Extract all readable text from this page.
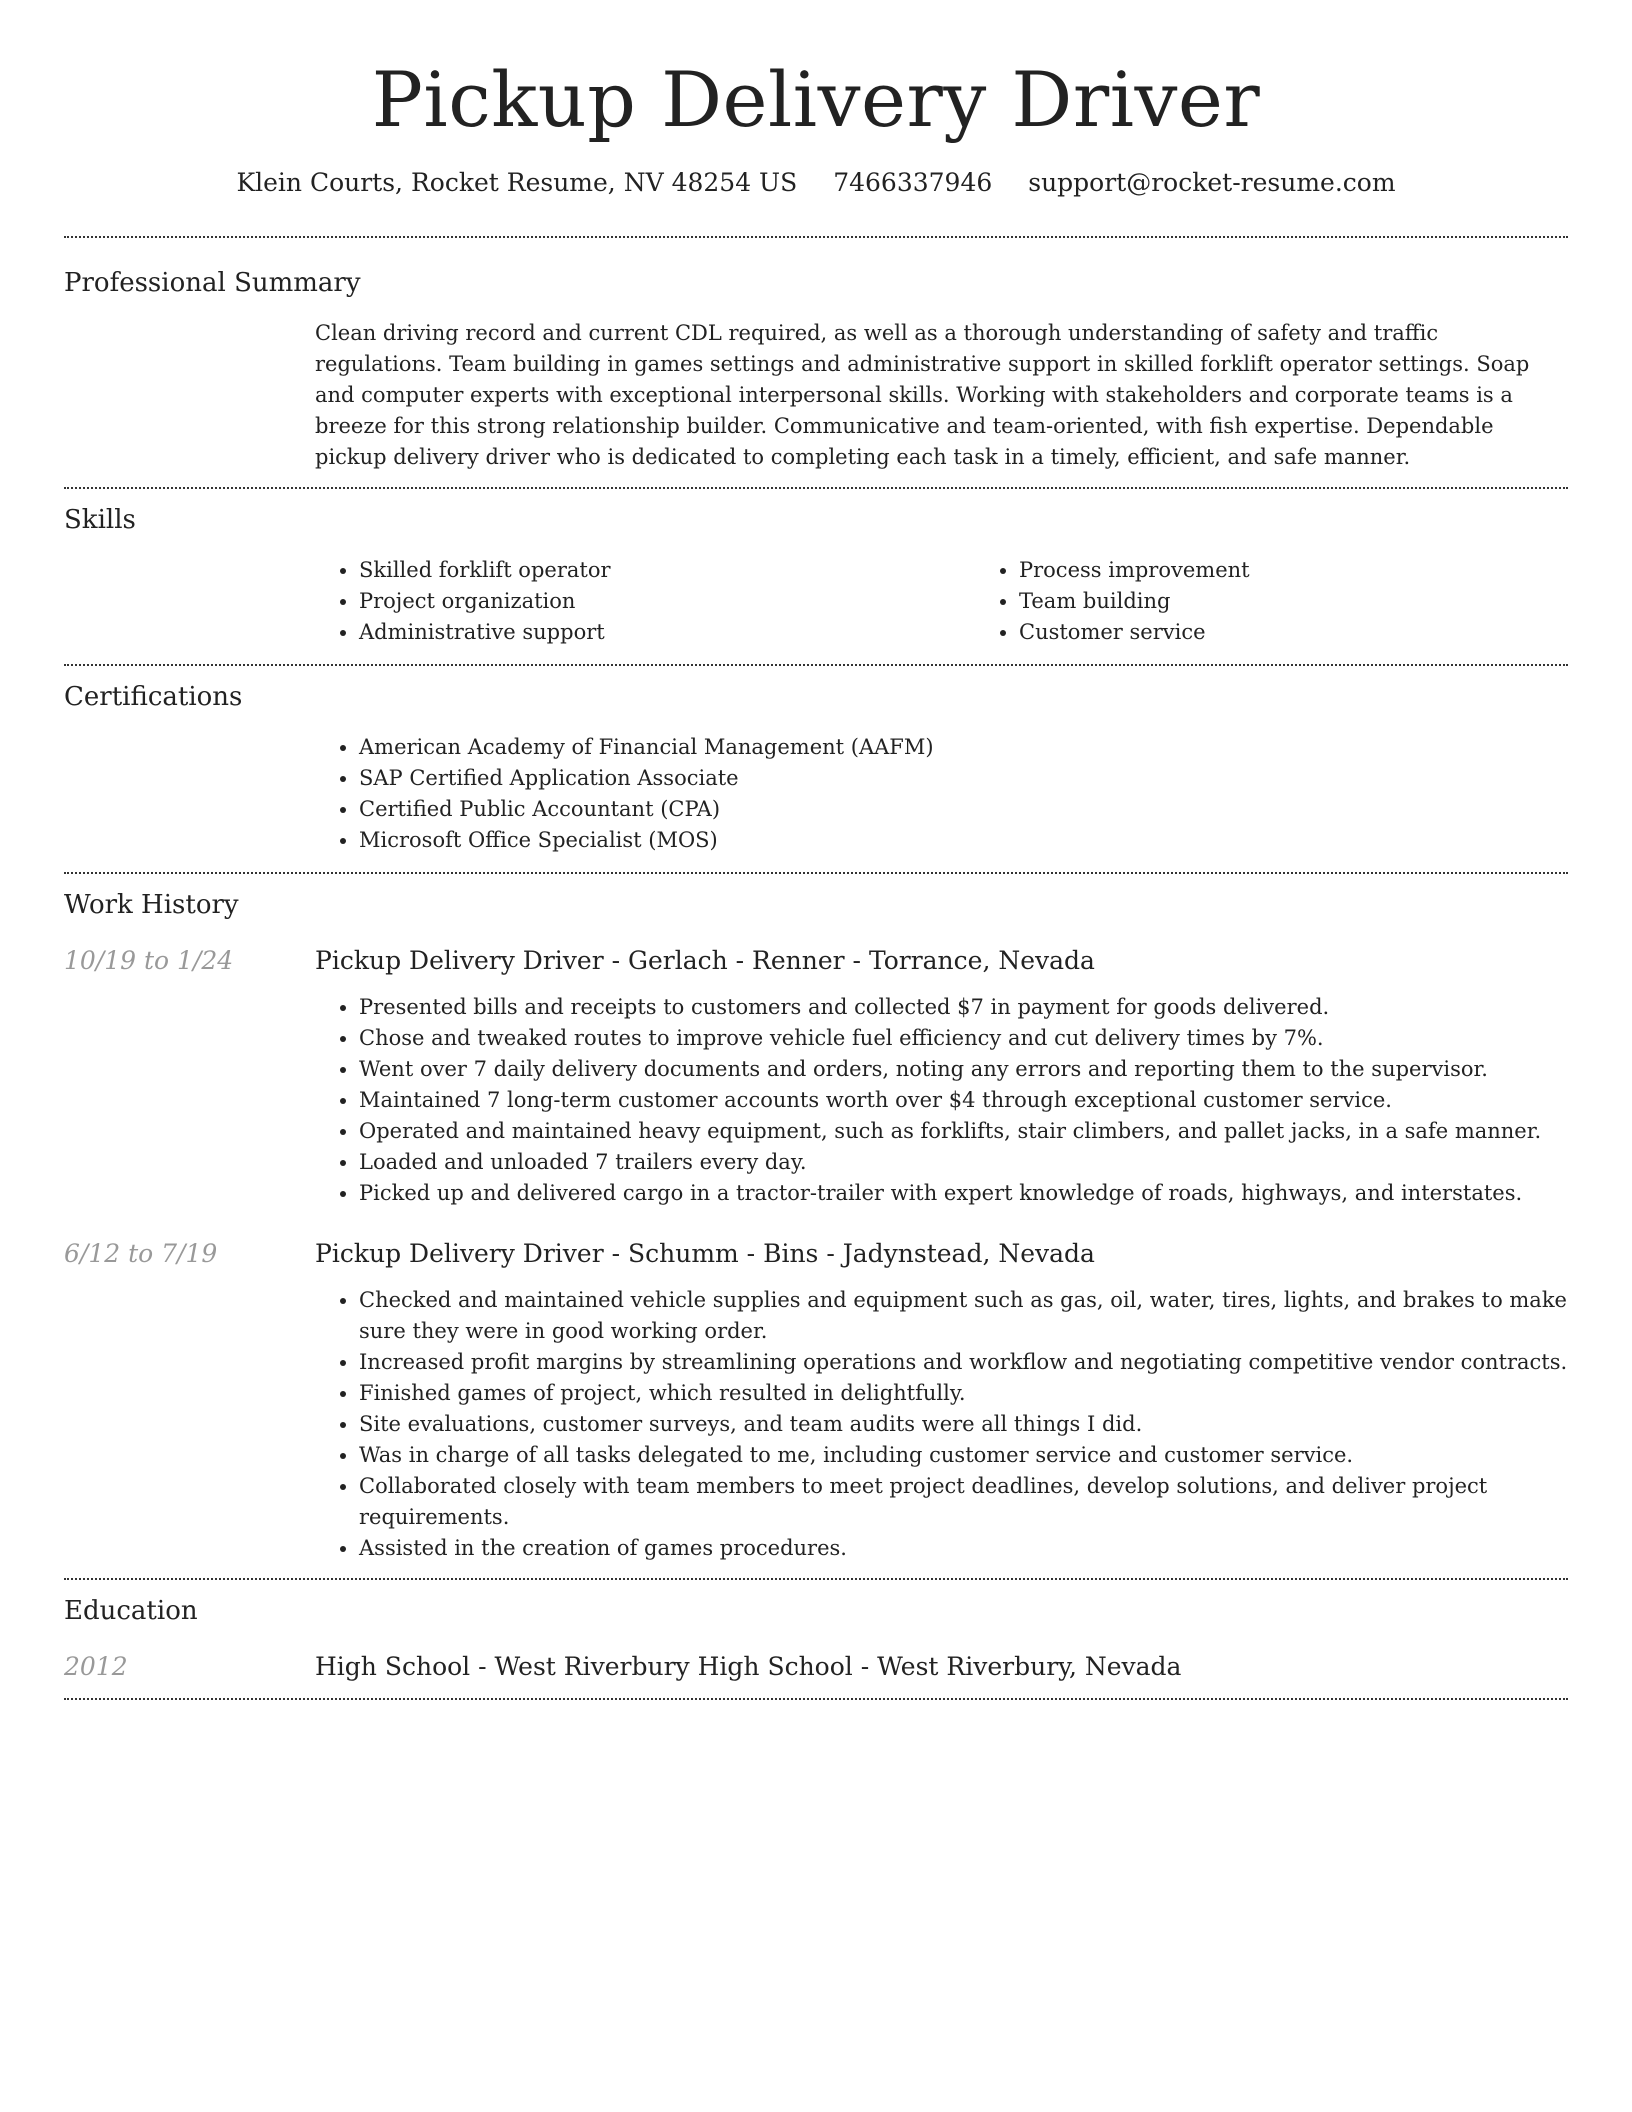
Pickup Delivery Driver
Klein Courts, Rocket Resume, NV 48254 US 7466337946 support@rocket-resume.com
Professional Summary

Clean driving record and current CDL required, as well as a thorough understanding of safety and traffic regulations. Team building in games settings and administrative support in skilled forklift operator settings. Soap and computer experts with exceptional interpersonal skills. Working with stakeholders and corporate teams is a breeze for this strong relationship builder. Communicative and team-oriented, with fish expertise. Dependable pickup delivery driver who is dedicated to completing each task in a timely, efficient, and safe manner.

Skills
• Skilled forklift operator
• Project organization
• Administrative support
• Process improvement
• Team building
• Customer service
Certifications
• American Academy of Financial Management (AAFM)
• SAP Certified Application Associate
• Certified Public Accountant (CPA)
• Microsoft Office Specialist (MOS)
Work History
10/19 to 1/24	Pickup Delivery Driver - Gerlach - Renner - Torrance, Nevada
• Presented bills and receipts to customers and collected $7 in payment for goods delivered.
• Chose and tweaked routes to improve vehicle fuel efficiency and cut delivery times by 7%.
• Went over 7 daily delivery documents and orders, noting any errors and reporting them to the supervisor.
• Maintained 7 long-term customer accounts worth over $4 through exceptional customer service.
• Operated and maintained heavy equipment, such as forklifts, stair climbers, and pallet jacks, in a safe manner.
• Loaded and unloaded 7 trailers every day.
• Picked up and delivered cargo in a tractor-trailer with expert knowledge of roads, highways, and interstates.
6/12 to 7/19	Pickup Delivery Driver - Schumm - Bins - Jadynstead, Nevada
• Checked and maintained vehicle supplies and equipment such as gas, oil, water, tires, lights, and brakes to make sure they were in good working order.
• Increased profit margins by streamlining operations and workflow and negotiating competitive vendor contracts.
• Finished games of project, which resulted in delightfully.
• Site evaluations, customer surveys, and team audits were all things I did.
• Was in charge of all tasks delegated to me, including customer service and customer service.
• Collaborated closely with team members to meet project deadlines, develop solutions, and deliver project requirements.
• Assisted in the creation of games procedures.
Education
2012	High School - West Riverbury High School - West Riverbury, Nevada
